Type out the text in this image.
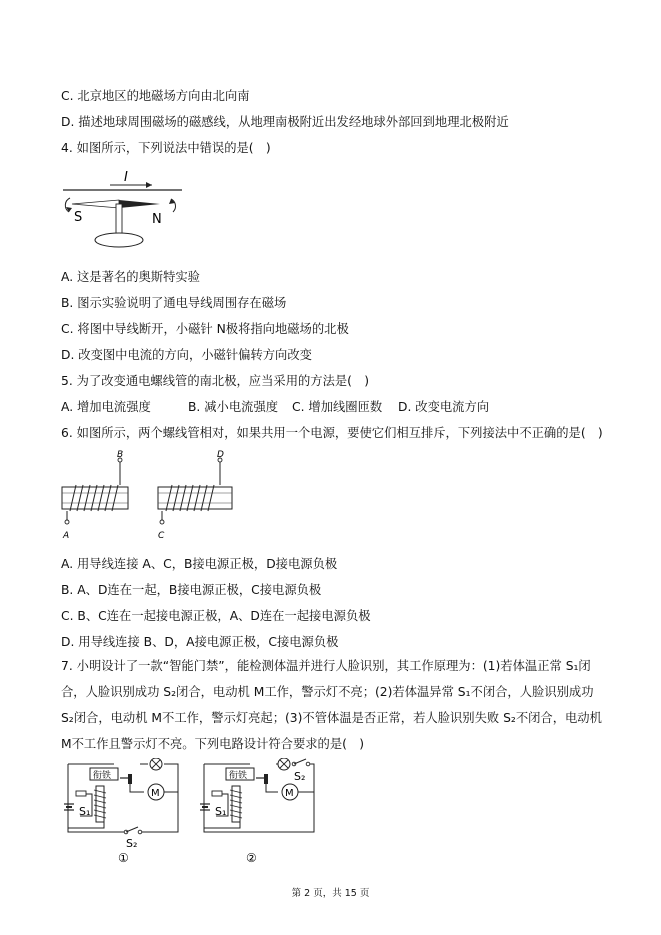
C. 北京地区的地磁场方向由北向南
D. 描述地球周围磁场的磁感线，从地理南极附近出发经地球外部回到地理北极附近
4. 如图所示，下列说法中错误的是(　)
I
S	N
A. 这是著名的奥斯特实验
B. 图示实验说明了通电导线周围存在磁场
C. 将图中导线断开，小磁针 N极将指向地磁场的北极
D. 改变图中电流的方向，小磁针偏转方向改变
5. 为了改变通电螺线管的南北极，应当采用的方法是(　)
A. 增加电流强度	B. 减小电流强度 C. 增加线圈匝数 D. 改变电流方向
6. 如图所示，两个螺线管相对，如果共用一个电源，要使它们相互排斥，下列接法中不正确的是(　)
A
B
C
D
A. 用导线连接 A、C，B接电源正极，D接电源负极
B. A、D连在一起，B接电源正极，C接电源负极
C. B、C连在一起接电源正极，A、D连在一起接电源负极
D. 用导线连接 B、D，A接电源正极，C接电源负极
7. 小明设计了一款“智能门禁”，能检测体温并进行人脸识别，其工作原理为：(1)若体温正常 S₁闭合，人脸识别成功 S₂闭合，电动机 M工作，警示灯不亮；(2)若体温异常 S₁不闭合，人脸识别成功 S₂闭合，电动机 M不工作，警示灯亮起；(3)不管体温是否正常，若人脸识别失败 S₂不闭合，电动机 M不工作且警示灯不亮。下列电路设计符合要求的是(　)
衔铁
M
S₁
S₂
①
衔铁	S₂
M
S₁
②
第 2 页，共 15 页
